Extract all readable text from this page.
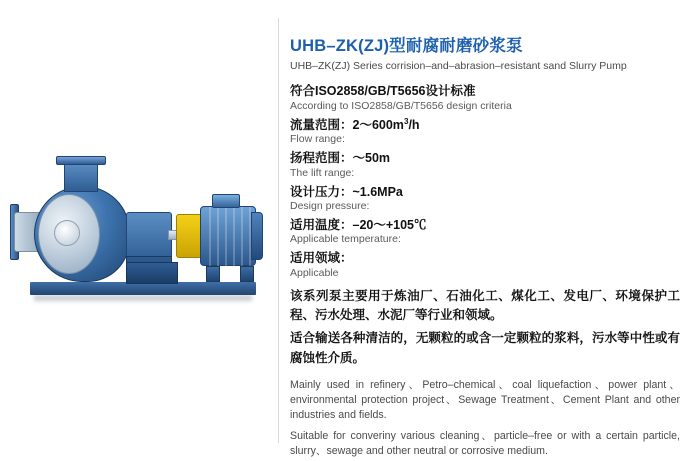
UHB–ZK(ZJ)型耐腐耐磨砂浆泵

UHB–ZK(ZJ) Series corrision–and–abrasion–resistant sand Slurry Pump

符合ISO2858/GB/T5656设计标准

According to ISO2858/GB/T5656 design criteria

流量范围：$2\sim 600m^3/h$

Flow range:

扬程范围：～50m

The lift range:

设计压力：~1.6MPa

Design pressure:

适用温度：–20～+105℃

Applicable temperature:

适用领域：

Applicable

该系列泵主要用于炼油厂、石油化工、煤化工、发电厂、环境保护工程、污水处理、水泥厂等行业和领域。

适合输送各种清洁的，无颗粒的或含一定颗粒的浆料，污水等中性或有腐蚀性介质。

Mainly used in refinery、Petro–chemical、coal liquefaction、power plant、environmental protection project、Sewage Treatment、Cement Plant and other industries and fields.

Suitable for converiny various cleaning、particle–free or with a certain particle, slurry、sewage and other neutral or corrosive medium.
